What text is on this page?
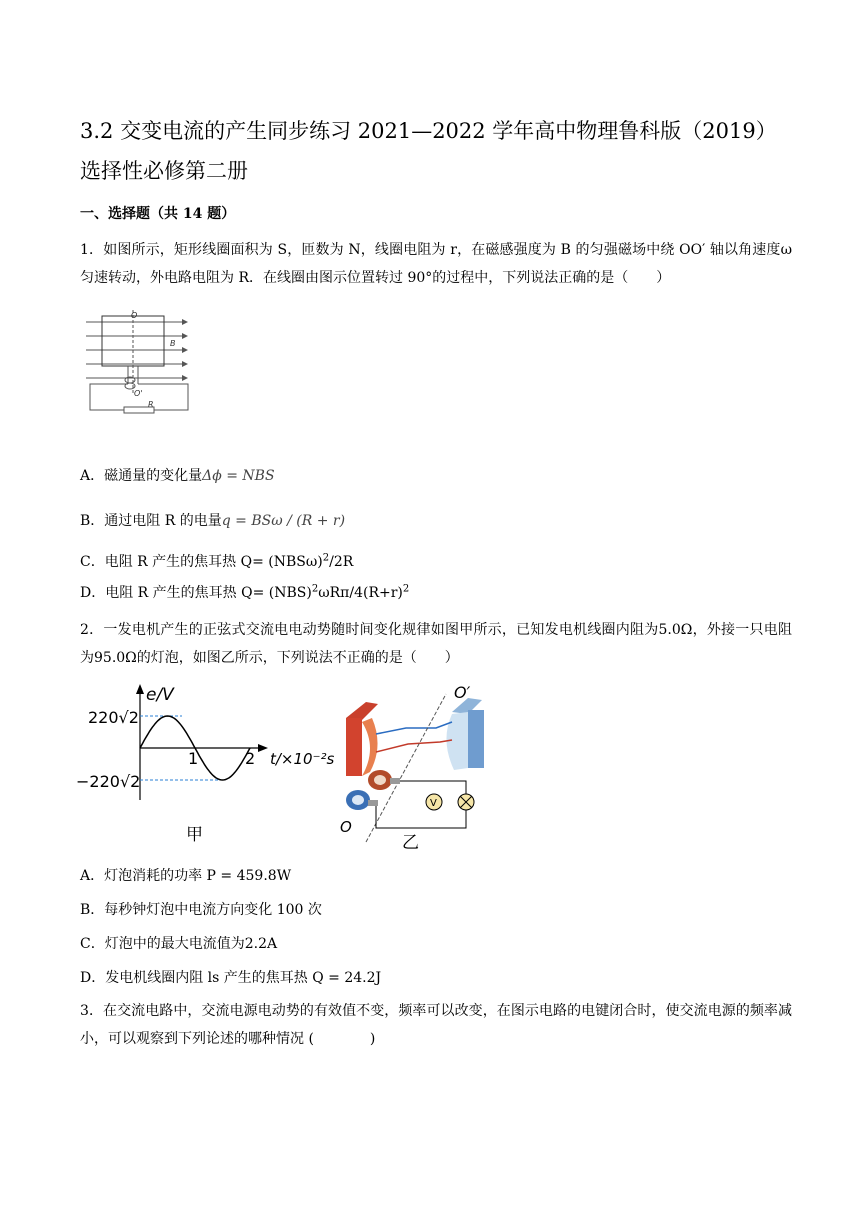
3.2 交变电流的产生同步练习 2021—2022 学年高中物理鲁科版（2019）
选择性必修第二册
一、选择题（共 14 题）
1．如图所示，矩形线圈面积为 S，匝数为 N，线圈电阻为 r，在磁感强度为 B 的匀强磁场中绕 OO′ 轴以角速度ω匀速转动，外电路电阻为 R．在线圈由图示位置转过 90°的过程中，下列说法正确的是（　　）
O
B
O'
R
A．磁通量的变化量Δϕ = NBS
B．通过电阻 R 的电量q = BSω / (R + r)
C．电阻 R 产生的焦耳热 $Q= (NBS\omega)^2/2R$
D．电阻 R 产生的焦耳热 $Q= (NBS)^2\omega R\pi/4(R+r)^2$
2．一发电机产生的正弦式交流电电动势随时间变化规律如图甲所示，已知发电机线圈内阻为5.0Ω，外接一只电阻为95.0Ω的灯泡，如图乙所示，下列说法不正确的是（　　）
e/V
220√2
−220√2
1	2 t/×10⁻²s
甲
V
O′
O
乙
A．灯泡消耗的功率 P = 459.8W
B．每秒钟灯泡中电流方向变化 100 次
C．灯泡中的最大电流值为2.2A
D．发电机线圈内阻 ls 产生的焦耳热 Q = 24.2J
3．在交流电路中，交流电源电动势的有效值不变，频率可以改变，在图示电路的电键闭合时，使交流电源的频率减小，可以观察到下列论述的哪种情况 (　　　　)
